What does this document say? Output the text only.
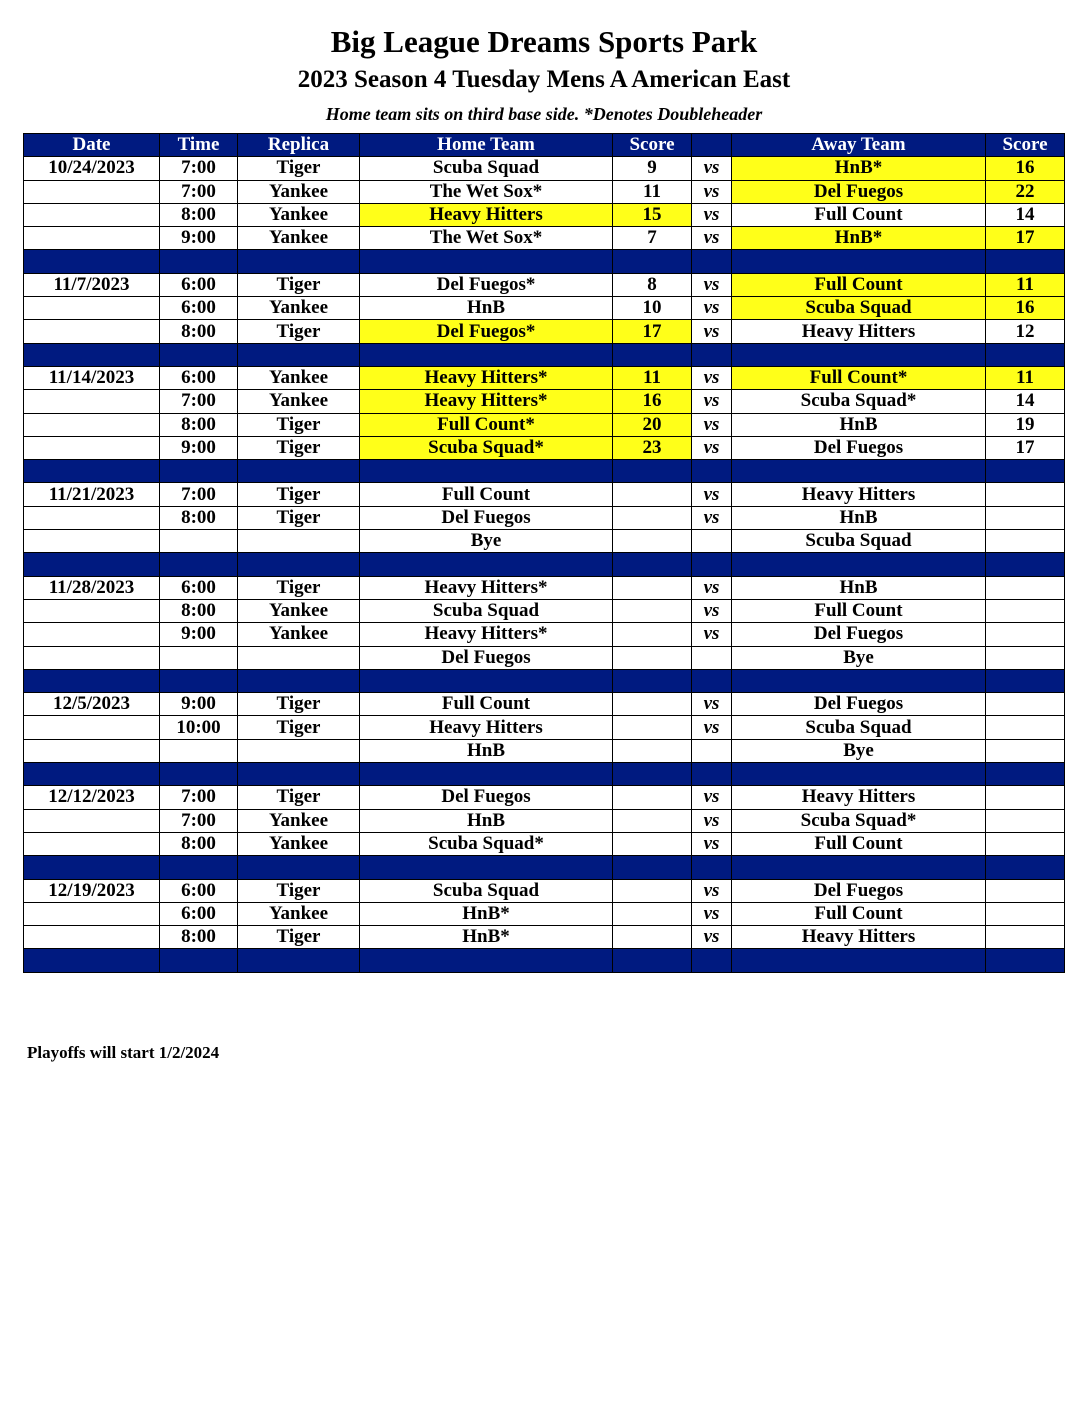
Big League Dreams Sports Park
2023 Season 4 Tuesday Mens A American East
Home team sits on third base side. *Denotes Doubleheader
Date	Time	Replica	Home Team	Score		Away Team	Score
10/24/2023	7:00	Tiger	Scuba Squad	9	vs	HnB*	16
	7:00	Yankee	The Wet Sox*	11	vs	Del Fuegos	22
	8:00	Yankee	Heavy Hitters	15	vs	Full Count	14
	9:00	Yankee	The Wet Sox*	7	vs	HnB*	17

11/7/2023	6:00	Tiger	Del Fuegos*	8	vs	Full Count	11
	6:00	Yankee	HnB	10	vs	Scuba Squad	16
	8:00	Tiger	Del Fuegos*	17	vs	Heavy Hitters	12

11/14/2023	6:00	Yankee	Heavy Hitters*	11	vs	Full Count*	11
	7:00	Yankee	Heavy Hitters*	16	vs	Scuba Squad*	14
	8:00	Tiger	Full Count*	20	vs	HnB	19
	9:00	Tiger	Scuba Squad*	23	vs	Del Fuegos	17

11/21/2023	7:00	Tiger	Full Count		vs	Heavy Hitters	
	8:00	Tiger	Del Fuegos		vs	HnB	
			Bye			Scuba Squad	

11/28/2023	6:00	Tiger	Heavy Hitters*		vs	HnB	
	8:00	Yankee	Scuba Squad		vs	Full Count	
	9:00	Yankee	Heavy Hitters*		vs	Del Fuegos	
			Del Fuegos			Bye	

12/5/2023	9:00	Tiger	Full Count		vs	Del Fuegos	
	10:00	Tiger	Heavy Hitters		vs	Scuba Squad	
			HnB			Bye	

12/12/2023	7:00	Tiger	Del Fuegos		vs	Heavy Hitters	
	7:00	Yankee	HnB		vs	Scuba Squad*	
	8:00	Yankee	Scuba Squad*		vs	Full Count	

12/19/2023	6:00	Tiger	Scuba Squad		vs	Del Fuegos	
	6:00	Yankee	HnB*		vs	Full Count	
	8:00	Tiger	HnB*		vs	Heavy Hitters	

Playoffs will start 1/2/2024
